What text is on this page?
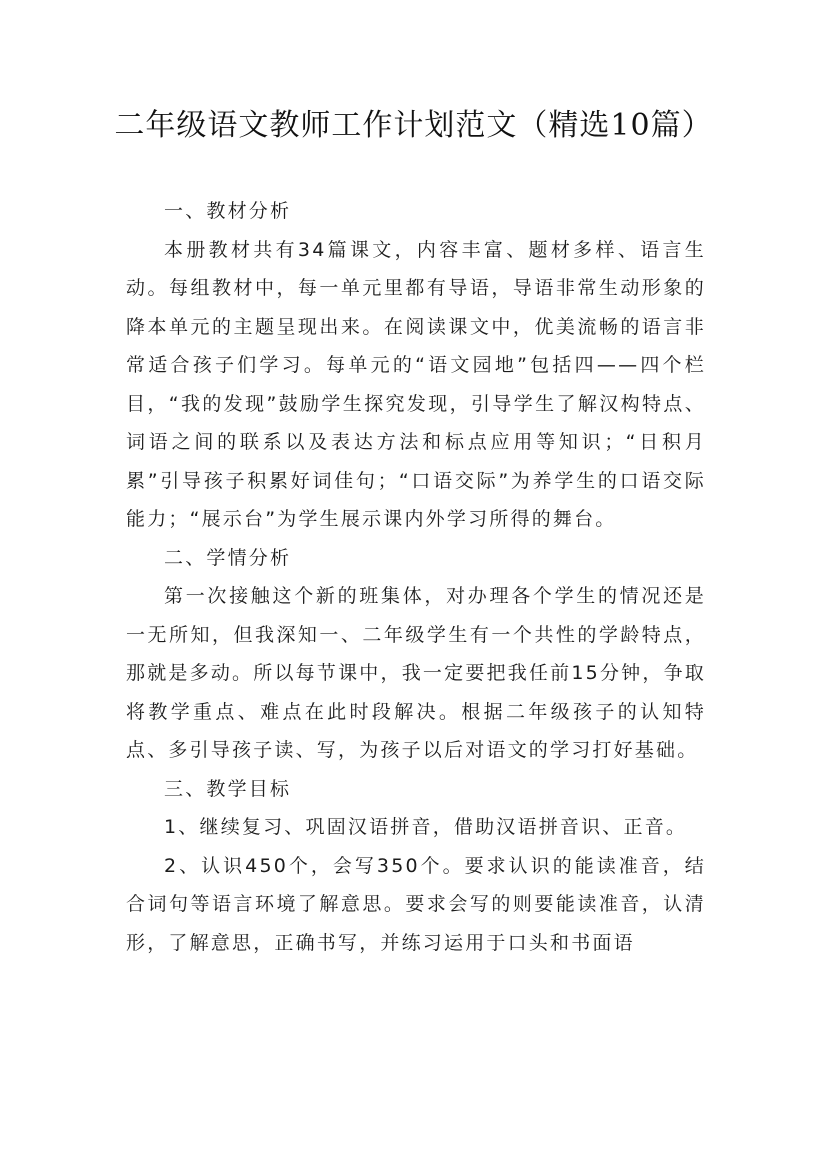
二年级语文教师工作计划范文（精选10篇）

一、教材分析

本册教材共有34篇课文，内容丰富、题材多样、语言生动。每组教材中，每一单元里都有导语，导语非常生动形象的降本单元的主题呈现出来。在阅读课文中，优美流畅的语言非常适合孩子们学习。每单元的“语文园地”包括四——四个栏目，“我的发现”鼓励学生探究发现，引导学生了解汉构特点、词语之间的联系以及表达方法和标点应用等知识；“日积月累”引导孩子积累好词佳句；“口语交际”为养学生的口语交际能力；“展示台”为学生展示课内外学习所得的舞台。

二、学情分析

第一次接触这个新的班集体，对办理各个学生的情况还是一无所知，但我深知一、二年级学生有一个共性的学龄特点，那就是多动。所以每节课中，我一定要把我任前15分钟，争取将教学重点、难点在此时段解决。根据二年级孩子的认知特点、多引导孩子读、写，为孩子以后对语文的学习打好基础。

三、教学目标

1、继续复习、巩固汉语拼音，借助汉语拼音识、正音。

2、认识450个，会写350个。要求认识的能读准音，结合词句等语言环境了解意思。要求会写的则要能读准音，认清形，了解意思，正确书写，并练习运用于口头和书面语
